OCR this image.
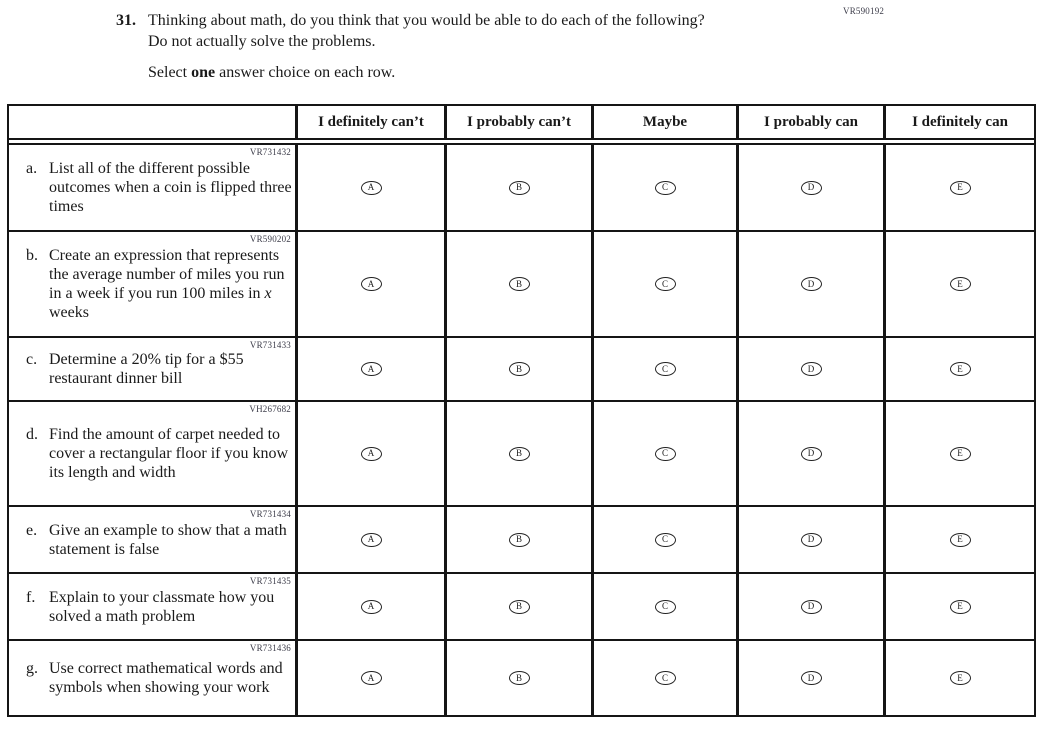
VR590192
31. Thinking about math, do you think that you would be able to do each of the following?
Do not actually solve the problems.
Select one answer choice on each row.
I definitely can’t	I probably can’t	Maybe	I probably can	I definitely can
VR731432
a. List all of the different possible outcomes when a coin is flipped three times
A	B	C	D	E
VR590202
b. Create an expression that represents the average number of miles you run in a week if you run 100 miles in x weeks
A	B	C	D	E
VR731433
c. Determine a 20% tip for a $55 restaurant dinner bill
A	B	C	D	E
VH267682
d. Find the amount of carpet needed to cover a rectangular floor if you know its length and width
A	B	C	D	E
VR731434
e. Give an example to show that a math statement is false
A	B	C	D	E
VR731435
f. Explain to your classmate how you solved a math problem
A	B	C	D	E
VR731436
g. Use correct mathematical words and symbols when showing your work
A	B	C	D	E
